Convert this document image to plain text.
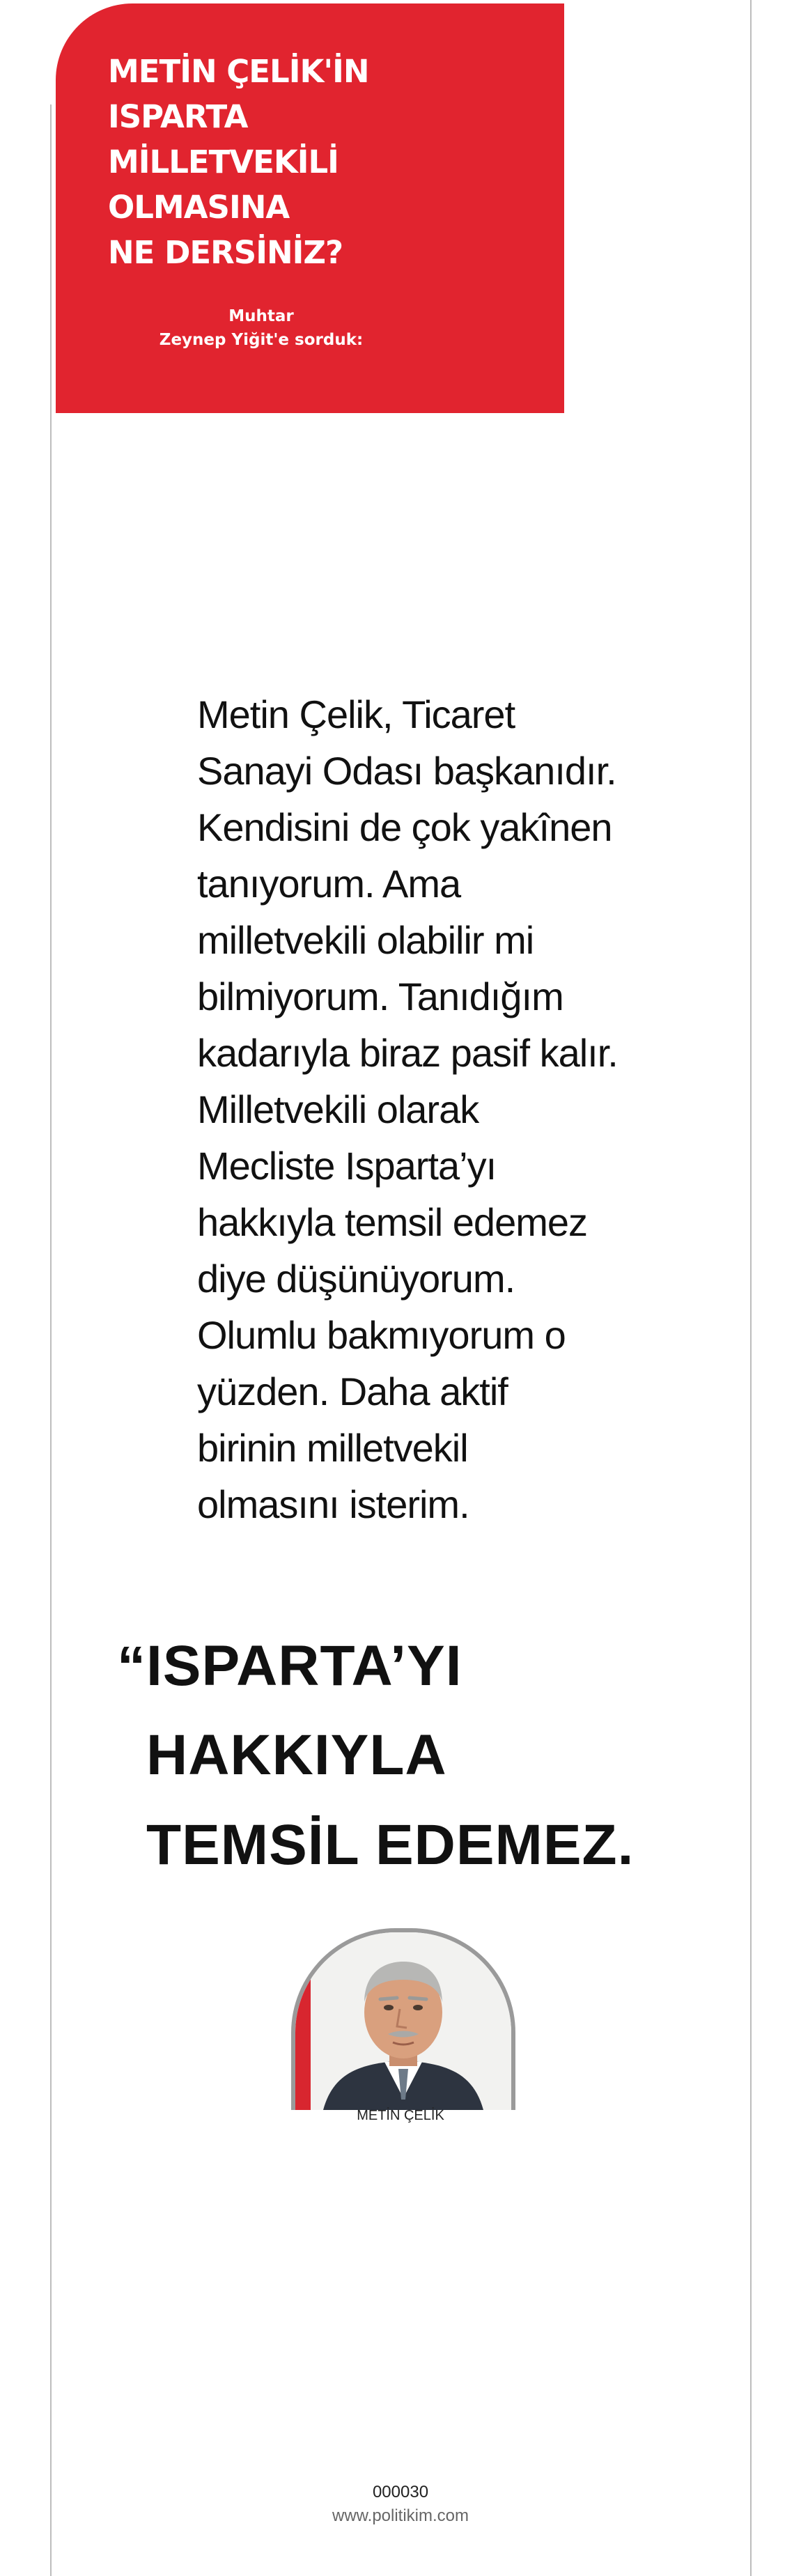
METİN ÇELİK'İN
ISPARTA MİLLETVEKİLİ
OLMASINA
NE DERSİNİZ?
Muhtar
Zeynep Yiğit'e sorduk:
Metin Çelik, Ticaret
Sanayi Odası başkanıdır.
Kendisini de çok yakînen
tanıyorum. Ama
milletvekili olabilir mi
bilmiyorum. Tanıdığım
kadarıyla biraz pasif kalır.
Milletvekili olarak
Mecliste Isparta’yı
hakkıyla temsil edemez
diye düşünüyorum.
Olumlu bakmıyorum o
yüzden. Daha aktif
birinin milletvekil
olmasını isterim.
“ ISPARTA’YI
HAKKIYLA
TEMSİL EDEMEZ.
METİN ÇELİK
000030
www.politikim.com
